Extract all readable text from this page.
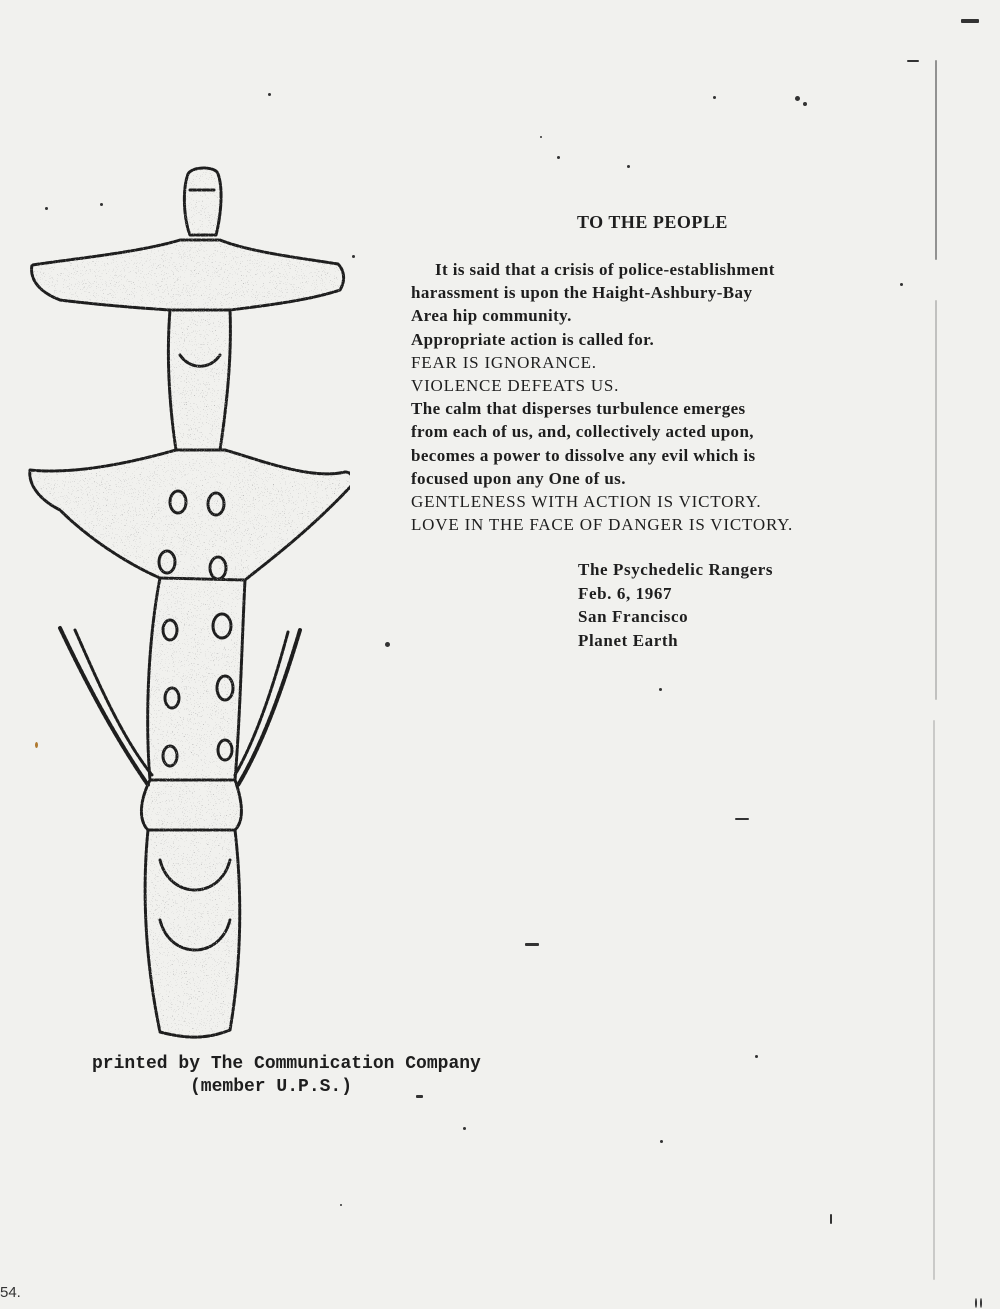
TO THE PEOPLE
It is said that a crisis of police-establishment
harassment is upon the Haight-Ashbury-Bay
Area hip community.
Appropriate action is called for.
FEAR IS IGNORANCE.
VIOLENCE DEFEATS US.
The calm that disperses turbulence emerges
from each of us, and, collectively acted upon,
becomes a power to dissolve any evil which is
focused upon any One of us.
GENTLENESS WITH ACTION IS VICTORY.
LOVE IN THE FACE OF DANGER IS VICTORY.
The Psychedelic Rangers
Feb. 6, 1967
San Francisco
Planet Earth
printed by The Communication Company
(member U.P.S.)
54.
